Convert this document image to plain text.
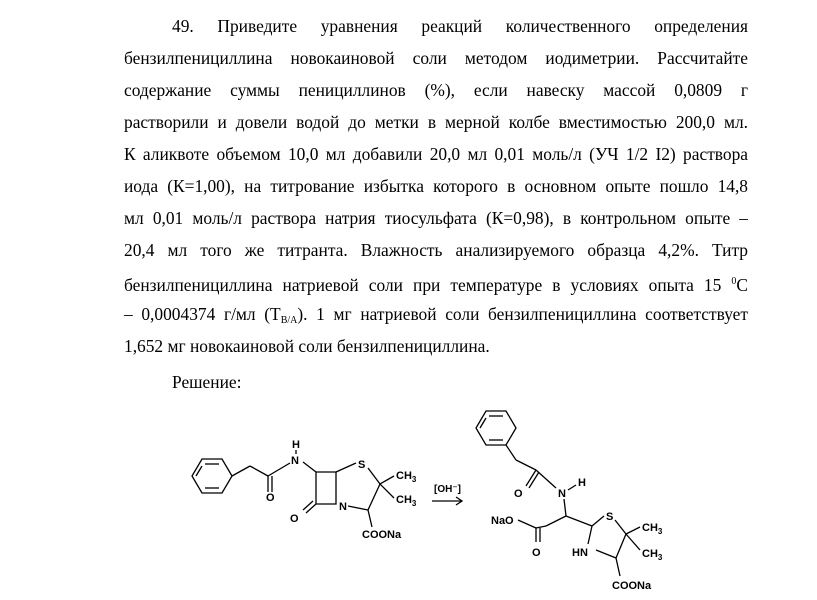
49. Приведите уравнения реакций количественного определения
бензилпенициллина новокаиновой соли методом иодиметрии. Рассчитайте
содержание суммы пенициллинов (%), если навеску массой 0,0809 г
растворили и довели водой до метки в мерной колбе вместимостью 200,0 мл.
К аликвоте объемом 10,0 мл добавили 20,0 мл 0,01 моль/л (УЧ 1/2 I2) раствора
иода (К=1,00), на титрование избытка которого в основном опыте пошло 14,8
мл 0,01 моль/л раствора натрия тиосульфата (К=0,98), в контрольном опыте –
20,4 мл того же титранта. Влажность анализируемого образца 4,2%. Титр
бензилпенициллина натриевой соли при температуре в условиях опыта 15 $^0$С
– 0,0004374 г/мл $(Т_{B/A})$. 1 мг натриевой соли бензилпенициллина соответствует
1,652 мг новокаиновой соли бензилпенициллина.
Решение:
O
H
N
O
S
N
$CH_3$
$CH_3$
COONa
[OH⁻]	O	N
H
NaO
O
S
HN
$CH_3$
$CH_3$
COONa
